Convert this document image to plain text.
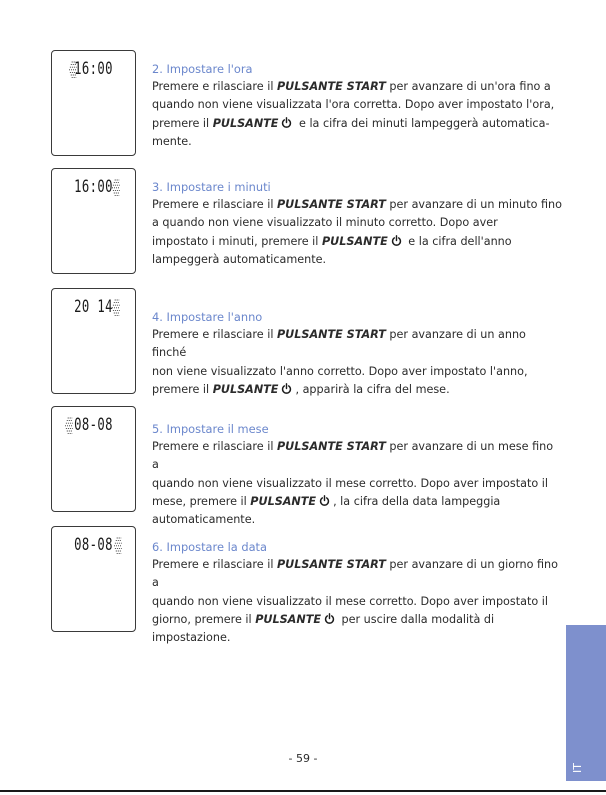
16:00	2. Impostare l'ora

Premere e rilasciare il PULSANTE START per avanzare di un'ora fino a
quando non viene visualizzata l'ora corretta. Dopo aver impostato l'ora,
premere il PULSANTE e la cifra dei minuti lampeggerà automatica-
mente.

16:00	3. Impostare i minuti

Premere e rilasciare il PULSANTE START per avanzare di un minuto fino
a quando non viene visualizzato il minuto corretto. Dopo aver
impostato i minuti, premere il PULSANTE e la cifra dell'anno
lampeggerà automaticamente.

20 14	4. Impostare l'anno

Premere e rilasciare il PULSANTE START per avanzare di un anno finché
non viene visualizzato l'anno corretto. Dopo aver impostato l'anno,
premere il PULSANTE , apparirà la cifra del mese.

08-08	5. Impostare il mese

Premere e rilasciare il PULSANTE START per avanzare di un mese fino a
quando non viene visualizzato il mese corretto. Dopo aver impostato il
mese, premere il PULSANTE , la cifra della data lampeggia
automaticamente.

08-08	6. Impostare la data

Premere e rilasciare il PULSANTE START per avanzare di un giorno fino a
quando non viene visualizzato il mese corretto. Dopo aver impostato il
giorno, premere il PULSANTE per uscire dalla modalità di
impostazione.

- 59 -
IT
